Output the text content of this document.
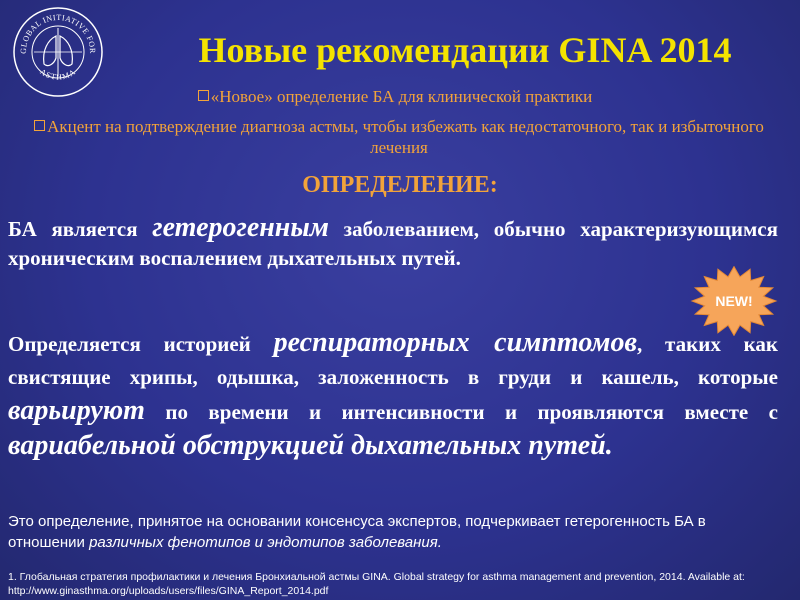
GLOBAL INITIATIVE FOR
ASTHMA
Новые рекомендации GINA 2014
«Новое» определение БА для клинической практики
Акцент на подтверждение диагноза астмы, чтобы избежать как недостаточного, так и избыточного лечения
ОПРЕДЕЛЕНИЕ:
БА является гетерогенным заболеванием, обычно характеризующимся хроническим воспалением дыхательных путей.
NEW!
Определяется историей респираторных симптомов, таких как свистящие хрипы, одышка, заложенность в груди и кашель, которые варьируют по времени и интенсивности и проявляются вместе с вариабельной обструкцией дыхательных путей.
Это определение, принятое на основании консенсуса экспертов, подчеркивает гетерогенность БА в отношении различных фенотипов и эндотипов заболевания.
1. Глобальная стратегия профилактики и лечения Бронхиальной астмы GINA. Global strategy for asthma management and prevention, 2014. Available at: http://www.ginasthma.org/uploads/users/files/GINA_Report_2014.pdf
